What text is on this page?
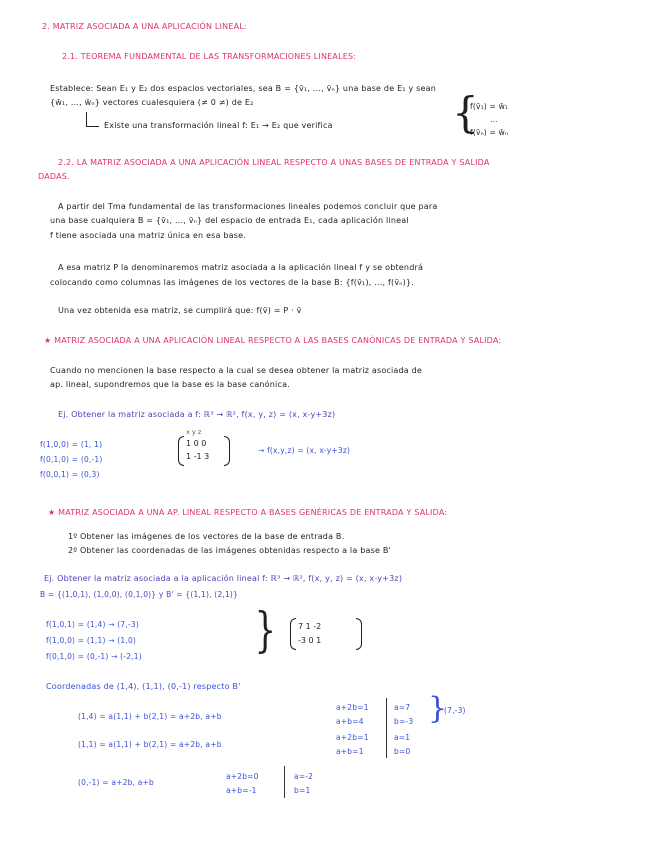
2. MATRIZ ASOCIADA A UNA APLICACIÓN LINEAL:
2.1. TEOREMA FUNDAMENTAL DE LAS TRANSFORMACIONES LINEALES:
Establece: Sean E₁ y E₂ dos espacios vectoriales, sea B = {v̄₁, ..., v̄ₙ} una base de E₁ y sean
{w̄₁, ..., w̄ₙ} vectores cualesquiera (≠ 0 ≠) de E₂
Existe una transformación lineal f: E₁ → E₂ que verifica	{
f(v̄₁) = w̄₁
...
f(v̄ₙ) = w̄ₙ
2.2. LA MATRIZ ASOCIADA A UNA APLICACIÓN LINEAL RESPECTO A UNAS BASES DE ENTRADA Y SALIDA
DADAS.
A partir del Tma fundamental de las transformaciones lineales podemos concluir que para
una base cualquiera B = {v̄₁, ..., v̄ₙ} del espacio de entrada E₁, cada aplicación lineal
f tiene asociada una matriz única en esa base.
A esa matriz P la denominaremos matriz asociada a la aplicación lineal f y se obtendrá
colocando como columnas las imágenes de los vectores de la base B: {f(v̄₁), ..., f(v̄ₙ)}.
Una vez obtenida esa matriz, se cumplirá que: f(v̄) = P · v̄
★ MATRIZ ASOCIADA A UNA APLICACIÓN LINEAL RESPECTO A LAS BASES CANÓNICAS DE ENTRADA Y SALIDA:
Cuando no mencionen la base respecto a la cual se desea obtener la matriz asociada de
ap. lineal, supondremos que la base es la base canónica.
Ej. Obtener la matriz asociada a f: ℝ³ → ℝ², f(x, y, z) = (x, x-y+3z)
f(1,0,0) = (1, 1)
f(0,1,0) = (0,-1)
f(0,0,1) = (0,3)
x y z
1 0 0
1 -1 3
→ f(x,y,z) = (x, x-y+3z)
★ MATRIZ ASOCIADA A UNA AP. LINEAL RESPECTO A BASES GENÉRICAS DE ENTRADA Y SALIDA:
1º Obtener las imágenes de los vectores de la base de entrada B.
2º Obtener las coordenadas de las imágenes obtenidas respecto a la base B'
Ej. Obtener la matriz asociada a la aplicación lineal f: ℝ³ → ℝ², f(x, y, z) = (x, x-y+3z)
B = {(1,0,1), (1,0,0), (0,1,0)} y B' = {(1,1), (2,1)}
f(1,0,1) = (1,4) → (7,-3)
f(1,0,0) = (1,1) → (1,0)
f(0,1,0) = (0,-1) → (-2,1) }	7 1 -2
-3 0 1
Coordenadas de (1,4), (1,1), (0,-1) respecto B'
(1,4) = a(1,1) + b(2,1) = a+2b, a+b
a+2b=1
a+b=4
a=7
b=-3 }
(7,-3)
(1,1) = a(1,1) + b(2,1) = a+2b, a+b
a+2b=1
a+b=1
a=1
b=0
(0,-1) = a+2b, a+b
a+2b=0
a+b=-1
a=-2
b=1
